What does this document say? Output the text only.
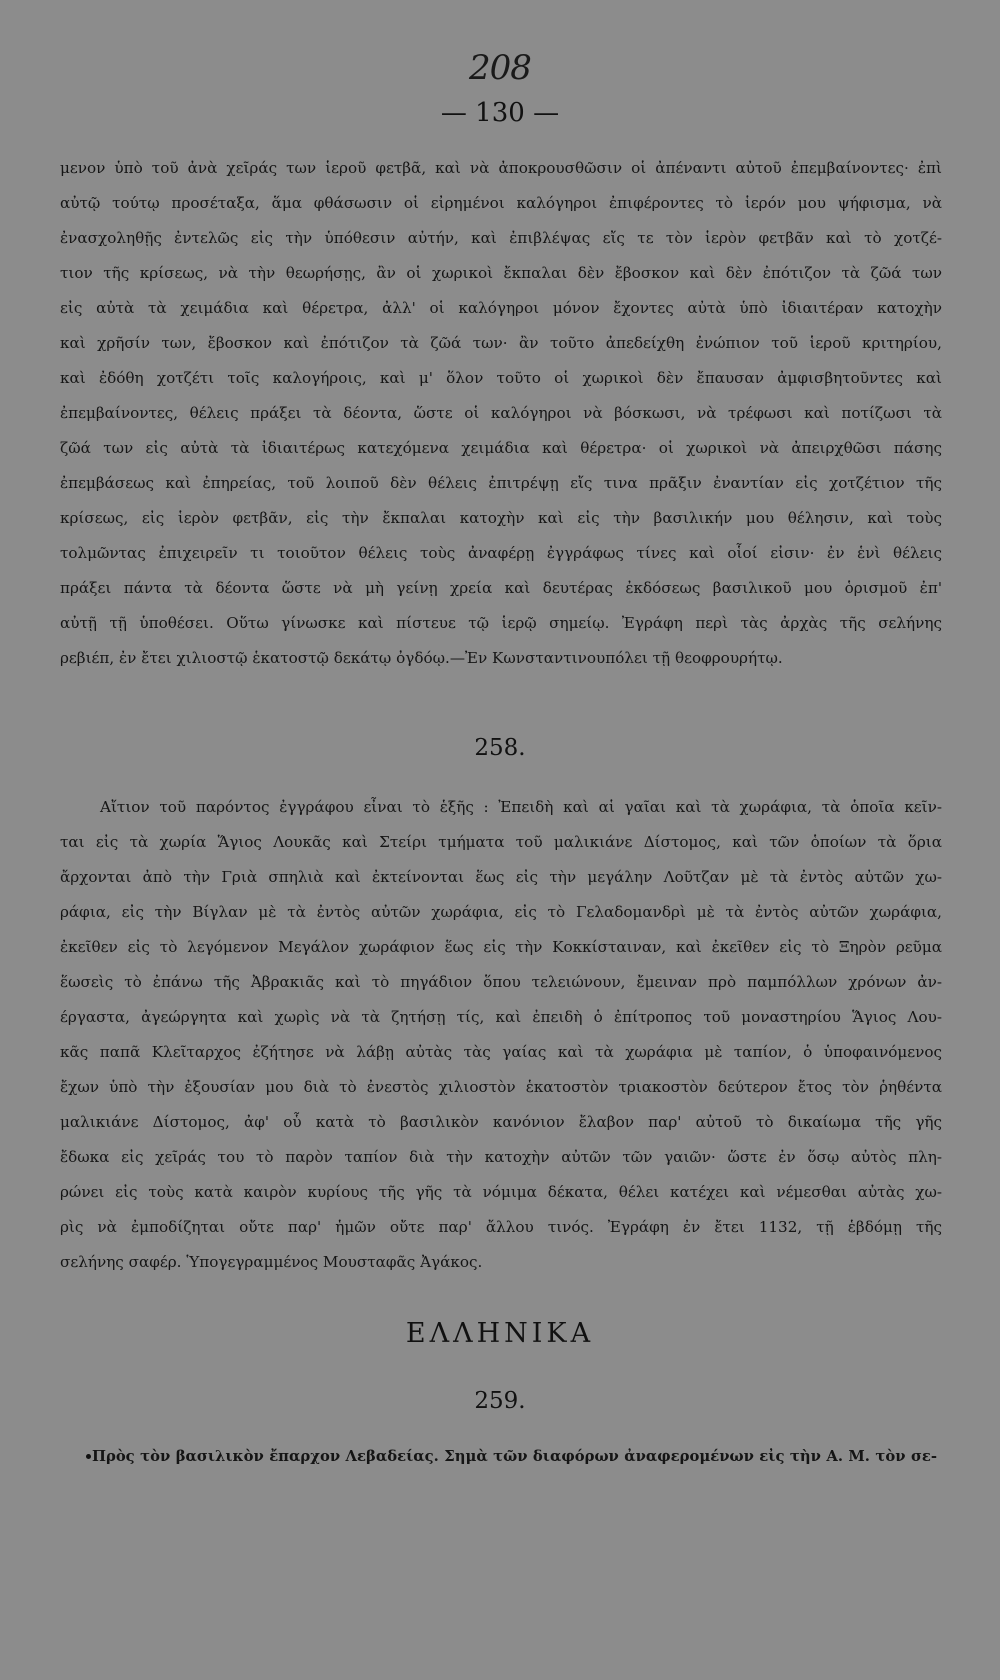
208
— 130 —
μενον ὑπὸ τοῦ ἀνὰ χεῖράς των ἱεροῦ φετβᾶ, καὶ νὰ ἀποκρουσθῶσιν οἱ ἀπέναντι αὐτοῦ ἐπεμβαίνοντες· ἐπὶ
αὐτῷ τούτῳ προσέταξα, ἅμα φθάσωσιν οἱ εἰρημένοι καλόγηροι ἐπιφέροντες τὸ ἱερόν μου ψήφισμα, νὰ
ἐνασχοληθῇς ἐντελῶς εἰς τὴν ὑπόθεσιν αὐτήν, καὶ ἐπιβλέψας εἴς τε τὸν ἱερὸν φετβᾶν καὶ τὸ χοτζέ-
τιον τῆς κρίσεως, νὰ τὴν θεωρήσῃς, ἂν οἱ χωρικοὶ ἔκπαλαι δὲν ἔβοσκον καὶ δὲν ἐπότιζον τὰ ζῶά των
εἰς αὐτὰ τὰ χειμάδια καὶ θέρετρα, ἀλλ' οἱ καλόγηροι μόνον ἔχοντες αὐτὰ ὑπὸ ἰδιαιτέραν κατοχὴν
καὶ χρῆσίν των, ἔβοσκον καὶ ἐπότιζον τὰ ζῶά των· ἂν τοῦτο ἀπεδείχθη ἐνώπιον τοῦ ἱεροῦ κριτηρίου,
καὶ ἐδόθη χοτζέτι τοῖς καλογήροις, καὶ μ' ὅλον τοῦτο οἱ χωρικοὶ δὲν ἔπαυσαν ἀμφισβητοῦντες καὶ
ἐπεμβαίνοντες, θέλεις πράξει τὰ δέοντα, ὥστε οἱ καλόγηροι νὰ βόσκωσι, νὰ τρέφωσι καὶ ποτίζωσι τὰ
ζῶά των εἰς αὐτὰ τὰ ἰδιαιτέρως κατεχόμενα χειμάδια καὶ θέρετρα· οἱ χωρικοὶ νὰ ἀπειρχθῶσι πάσης
ἐπεμβάσεως καὶ ἐπηρείας, τοῦ λοιποῦ δὲν θέλεις ἐπιτρέψῃ εἴς τινα πρᾶξιν ἐναντίαν εἰς χοτζέτιον τῆς
κρίσεως, εἰς ἱερὸν φετβᾶν, εἰς τὴν ἔκπαλαι κατοχὴν καὶ εἰς τὴν βασιλικήν μου θέλησιν, καὶ τοὺς
τολμῶντας ἐπιχειρεῖν τι τοιοῦτον θέλεις τοὺς ἀναφέρῃ ἐγγράφως τίνες καὶ οἷοί εἰσιν· ἐν ἑνὶ θέλεις
πράξει πάντα τὰ δέοντα ὥστε νὰ μὴ γείνῃ χρεία καὶ δευτέρας ἐκδόσεως βασιλικοῦ μου ὁρισμοῦ ἐπ'
αὐτῇ τῇ ὑποθέσει. Οὕτω γίνωσκε καὶ πίστευε τῷ ἱερῷ σημείῳ. Ἐγράφη περὶ τὰς ἀρχὰς τῆς σελήνης
ρεβιέπ, ἐν ἔτει χιλιοστῷ ἑκατοστῷ δεκάτῳ ὀγδόῳ.—Ἐν Κωνσταντινουπόλει τῇ θεοφρουρήτῳ.
258.
Αἴτιον τοῦ παρόντος ἐγγράφου εἶναι τὸ ἑξῆς : Ἐπειδὴ καὶ αἱ γαῖαι καὶ τὰ χωράφια, τὰ ὁποῖα κεῖν-
ται εἰς τὰ χωρία Ἅγιος Λουκᾶς καὶ Στείρι τμήματα τοῦ μαλικιάνε Δίστομος, καὶ τῶν ὁποίων τὰ ὅρια
ἄρχονται ἀπὸ τὴν Γριὰ σπηλιὰ καὶ ἐκτείνονται ἕως εἰς τὴν μεγάλην Λοῦτζαν μὲ τὰ ἐντὸς αὐτῶν χω-
ράφια, εἰς τὴν Βίγλαν μὲ τὰ ἐντὸς αὐτῶν χωράφια, εἰς τὸ Γελαδομανδρὶ μὲ τὰ ἐντὸς αὐτῶν χωράφια,
ἐκεῖθεν εἰς τὸ λεγόμενον Μεγάλον χωράφιον ἕως εἰς τὴν Κοκκίσταιναν, καὶ ἐκεῖθεν εἰς τὸ Ξηρὸν ρεῦμα
ἕωσεὶς τὸ ἐπάνω τῆς Ἀβρακιᾶς καὶ τὸ πηγάδιον ὅπου τελειώνουν, ἔμειναν πρὸ παμπόλλων χρόνων ἀν-
έργαστα, ἀγεώργητα καὶ χωρὶς νὰ τὰ ζητήσῃ τίς, καὶ ἐπειδὴ ὁ ἐπίτροπος τοῦ μοναστηρίου Ἅγιος Λου-
κᾶς παπᾶ Κλεῖταρχος ἐζήτησε νὰ λάβῃ αὐτὰς τὰς γαίας καὶ τὰ χωράφια μὲ ταπίον, ὁ ὑποφαινόμενος
ἔχων ὑπὸ τὴν ἐξουσίαν μου διὰ τὸ ἐνεστὸς χιλιοστὸν ἑκατοστὸν τριακοστὸν δεύτερον ἔτος τὸν ῥηθέντα
μαλικιάνε Δίστομος, ἀφ' οὗ κατὰ τὸ βασιλικὸν κανόνιον ἔλαβον παρ' αὐτοῦ τὸ δικαίωμα τῆς γῆς
ἔδωκα εἰς χεῖράς του τὸ παρὸν ταπίον διὰ τὴν κατοχὴν αὐτῶν τῶν γαιῶν· ὥστε ἐν ὅσῳ αὐτὸς πλη-
ρώνει εἰς τοὺς κατὰ καιρὸν κυρίους τῆς γῆς τὰ νόμιμα δέκατα, θέλει κατέχει καὶ νέμεσθαι αὐτὰς χω-
ρὶς νὰ ἐμποδίζηται οὔτε παρ' ἡμῶν οὔτε παρ' ἄλλου τινός. Ἐγράφη ἐν ἔτει 1132, τῇ ἑβδόμῃ τῆς
σελήνης σαφέρ. Ὑπογεγραμμένος Μουσταφᾶς Ἀγάκος.
ΕΛΛΗΝΙΚΑ
259.
Πρὸς τὸν βασιλικὸν ἔπαρχον Λεβαδείας. Σημὰ τῶν διαφόρων ἀναφερομένων εἰς τὴν Α. Μ. τὸν σε-
